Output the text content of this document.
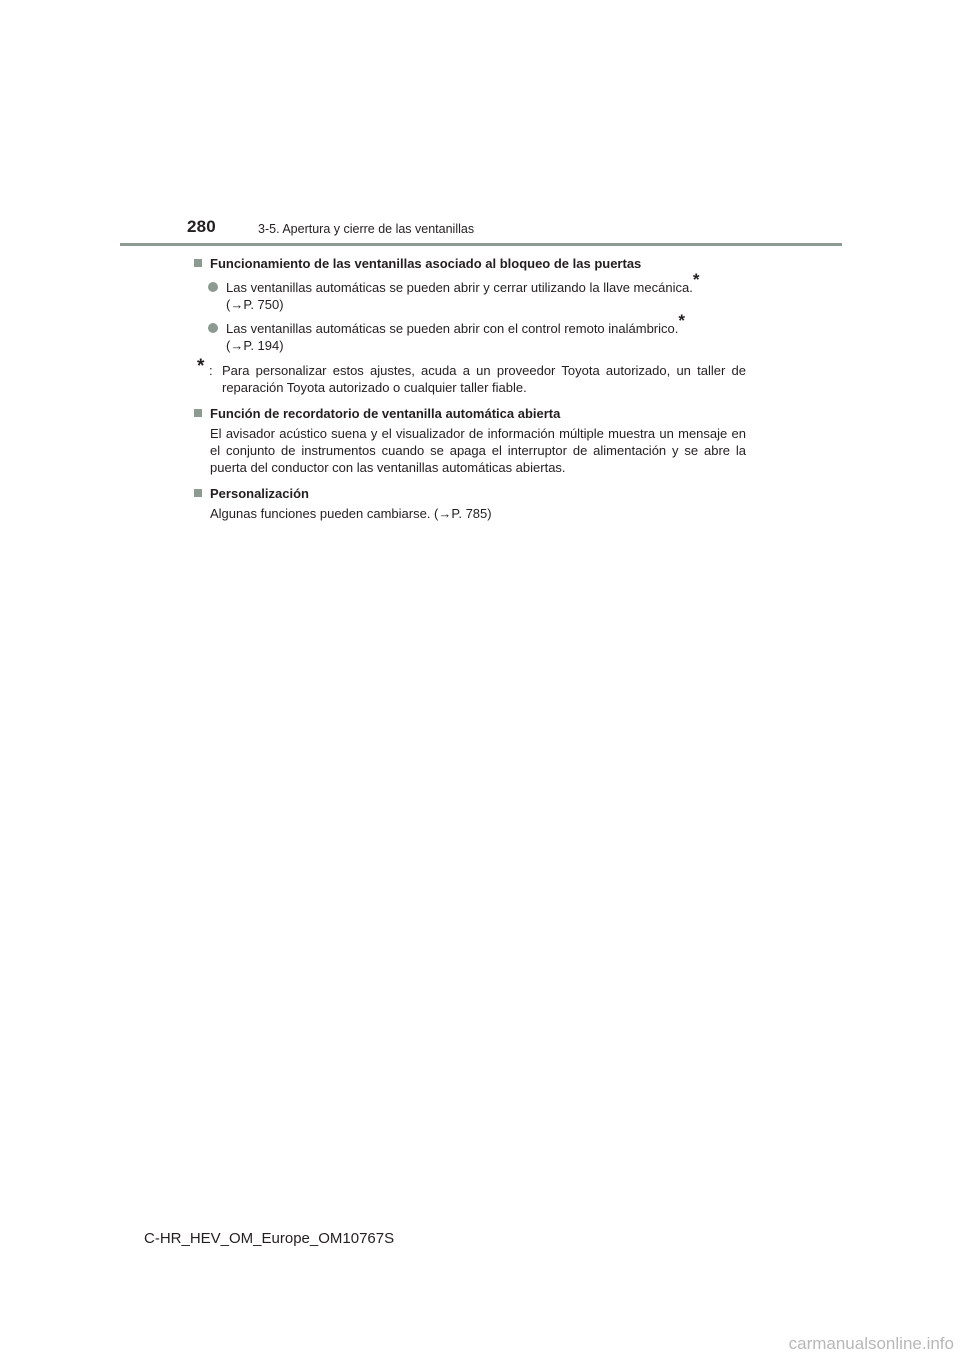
280	3-5. Apertura y cierre de las ventanillas
Funcionamiento de las ventanillas asociado al bloqueo de las puertas
Las ventanillas automáticas se pueden abrir y cerrar utilizando la llave mecánica.*
(→P. 750)
Las ventanillas automáticas se pueden abrir con el control remoto inalámbrico.*
(→P. 194)
* : Para personalizar estos ajustes, acuda a un proveedor Toyota autorizado, un taller de reparación Toyota autorizado o cualquier taller fiable.
Función de recordatorio de ventanilla automática abierta
El avisador acústico suena y el visualizador de información múltiple muestra un mensaje en el conjunto de instrumentos cuando se apaga el interruptor de alimentación y se abre la puerta del conductor con las ventanillas automáticas abiertas.
Personalización
Algunas funciones pueden cambiarse. (→P. 785)
C-HR_HEV_OM_Europe_OM10767S
carmanualsonline.info
